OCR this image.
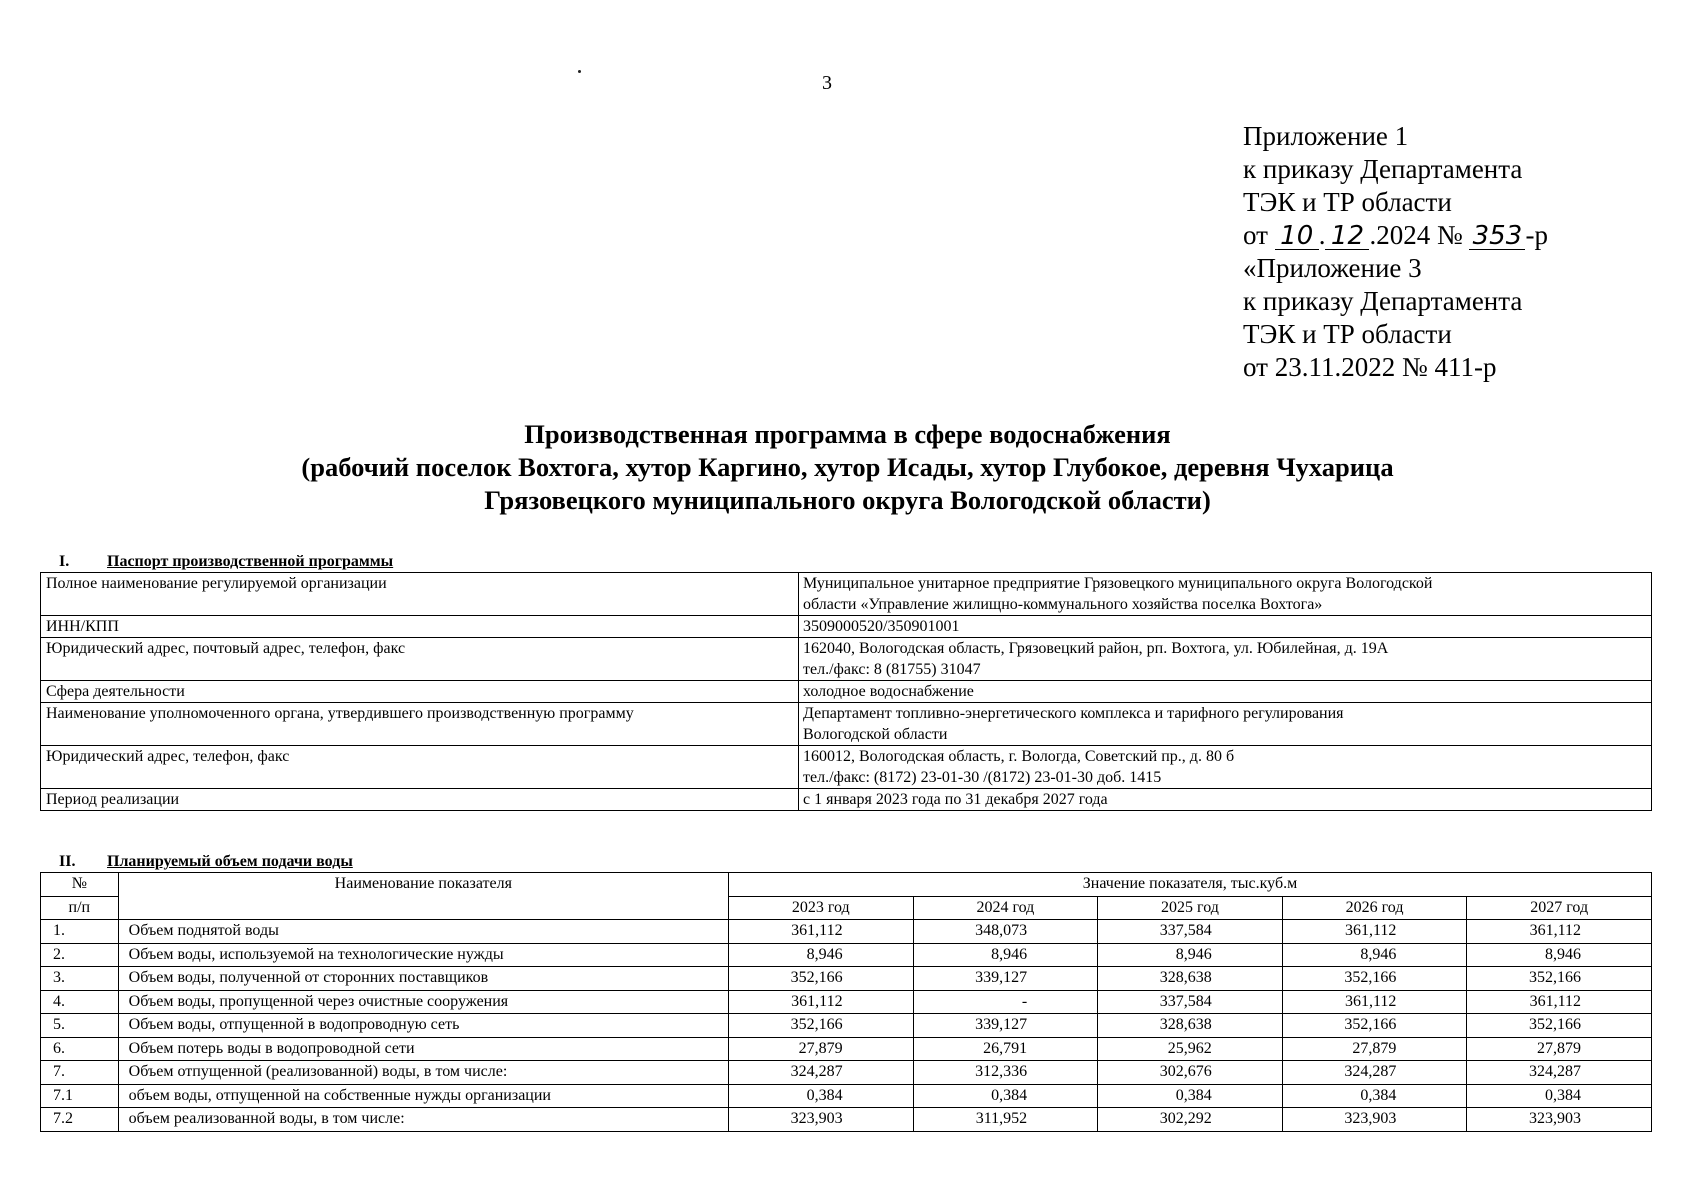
3
Приложение 1
к приказу Департамента
ТЭК и ТР области
от 10 . 12 .2024 № 353 -р
«Приложение 3
к приказу Департамента
ТЭК и ТР области
от 23.11.2022 № 411-р
Производственная программа в сфере водоснабжения
(рабочий поселок Вохтога, хутор Каргино, хутор Исады, хутор Глубокое, деревня Чухарица
Грязовецкого муниципального округа Вологодской области)
I. Паспорт производственной программы
Полное наименование регулируемой организации	Муниципальное унитарное предприятие Грязовецкого муниципального округа Вологодской
области «Управление жилищно-коммунального хозяйства поселка Вохтога»

ИНН/КПП	3509000520/350901001

Юридический адрес, почтовый адрес, телефон, факс	162040, Вологодская область, Грязовецкий район, рп. Вохтога, ул. Юбилейная, д. 19А
тел./факс: 8 (81755) 31047

Сфера деятельности	холодное водоснабжение

Наименование уполномоченного органа, утвердившего производственную программу	Департамент топливно-энергетического комплекса и тарифного регулирования
Вологодской области

Юридический адрес, телефон, факс	160012, Вологодская область, г. Вологда, Советский пр., д. 80 б
тел./факс: (8172) 23-01-30 /(8172) 23-01-30 доб. 1415

Период реализации	с 1 января 2023 года по 31 декабря 2027 года
II. Планируемый объем подачи воды
№	Наименование показателя	Значение показателя, тыс.куб.м				
п/п		2023 год	2024 год	2025 год	2026 год	2027 год
1.	Объем поднятой воды	361,112	348,073	337,584	361,112	361,112
2.	Объем воды, используемой на технологические нужды	8,946	8,946	8,946	8,946	8,946
3.	Объем воды, полученной от сторонних поставщиков	352,166	339,127	328,638	352,166	352,166
4.	Объем воды, пропущенной через очистные сооружения	361,112	-	337,584	361,112	361,112
5.	Объем воды, отпущенной в водопроводную сеть	352,166	339,127	328,638	352,166	352,166
6.	Объем потерь воды в водопроводной сети	27,879	26,791	25,962	27,879	27,879
7.	Объем отпущенной (реализованной) воды, в том числе:	324,287	312,336	302,676	324,287	324,287
7.1	объем воды, отпущенной на собственные нужды организации	0,384	0,384	0,384	0,384	0,384
7.2	объем реализованной воды, в том числе:	323,903	311,952	302,292	323,903	323,903
